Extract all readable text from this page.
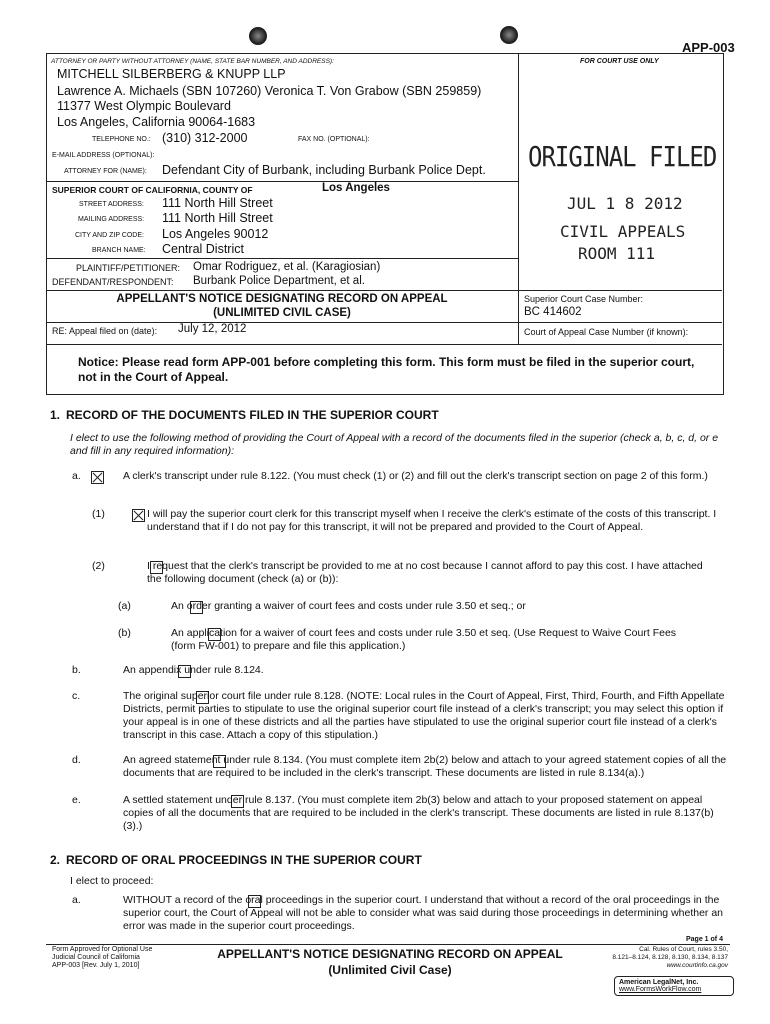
APP-003
ATTORNEY OR PARTY WITHOUT ATTORNEY (NAME, STATE BAR NUMBER, AND ADDRESS):	FOR COURT USE ONLY
MITCHELL SILBERBERG & KNUPP LLP
Lawrence A. Michaels (SBN 107260) Veronica T. Von Grabow (SBN 259859)
11377 West Olympic Boulevard
Los Angeles, California 90064-1683
TELEPHONE NO.: (310) 312-2000	FAX NO. (OPTIONAL):
E-MAIL ADDRESS (OPTIONAL):
ATTORNEY FOR (NAME): Defendant City of Burbank, including Burbank Police Dept.
SUPERIOR COURT OF CALIFORNIA, COUNTY OF	Los Angeles
STREET ADDRESS: 111 North Hill Street
MAILING ADDRESS: 111 North Hill Street
CITY AND ZIP CODE: Los Angeles 90012
BRANCH NAME: Central District
PLAINTIFF/PETITIONER: Omar Rodriguez, et al. (Karagiosian)
DEFENDANT/RESPONDENT: Burbank Police Department, et al.
APPELLANT'S NOTICE DESIGNATING RECORD ON APPEAL
(UNLIMITED CIVIL CASE)
RE: Appeal filed on (date): July 12, 2012
Superior Court Case Number:
BC 414602
Court of Appeal Case Number (if known):
Notice: Please read form APP-001 before completing this form. This form must be filed in the superior court, not in the Court of Appeal.
ORIGINAL FILED
JUL 1 8 2012
CIVIL APPEALS
ROOM 111
1. RECORD OF THE DOCUMENTS FILED IN THE SUPERIOR COURT
I elect to use the following method of providing the Court of Appeal with a record of the documents filed in the superior (check a, b, c, d, or e and fill in any required information):
a.
	A clerk's transcript under rule 8.122. (You must check (1) or (2) and fill out the clerk's transcript section on page 2 of this form.)
(1)
	I will pay the superior court clerk for this transcript myself when I receive the clerk's estimate of the costs of this transcript. I understand that if I do not pay for this transcript, it will not be prepared and provided to the Court of Appeal.
(2)
	I request that the clerk's transcript be provided to me at no cost because I cannot afford to pay this cost. I have attached the following document (check (a) or (b)):
(a)
	An order granting a waiver of court fees and costs under rule 3.50 et seq.; or
(b)
	An application for a waiver of court fees and costs under rule 3.50 et seq. (Use Request to Waive Court Fees (form FW-001) to prepare and file this application.)
b.
	An appendix under rule 8.124.
c.
	The original superior court file under rule 8.128. (NOTE: Local rules in the Court of Appeal, First, Third, Fourth, and Fifth Appellate Districts, permit parties to stipulate to use the original superior court file instead of a clerk's transcript; you may select this option if your appeal is in one of these districts and all the parties have stipulated to use the original superior court file instead of a clerk's transcript in this case. Attach a copy of this stipulation.)
d.
	An agreed statement under rule 8.134. (You must complete item 2b(2) below and attach to your agreed statement copies of all the documents that are required to be included in the clerk's transcript. These documents are listed in rule 8.134(a).)
e.
	A settled statement under rule 8.137. (You must complete item 2b(3) below and attach to your proposed statement on appeal copies of all the documents that are required to be included in the clerk's transcript. These documents are listed in rule 8.137(b)(3).)
2. RECORD OF ORAL PROCEEDINGS IN THE SUPERIOR COURT
I elect to proceed:
a.	WITHOUT a record of the oral proceedings in the superior court. I understand that without a record of the oral proceedings in the superior court, the Court of Appeal will not be able to consider what was said during those proceedings in determining whether an error was made in the superior court proceedings.
Page 1 of 4
Form Approved for Optional Use
Judicial Council of California
APP-003 [Rev. July 1, 2010]
APPELLANT'S NOTICE DESIGNATING RECORD ON APPEAL
(Unlimited Civil Case)
Cal. Rules of Court, rules 3.50,
8.121–8.124, 8.128, 8.130, 8.134, 8.137
www.courtinfo.ca.gov
American LegalNet, Inc.
www.FormsWorkFlow.com
